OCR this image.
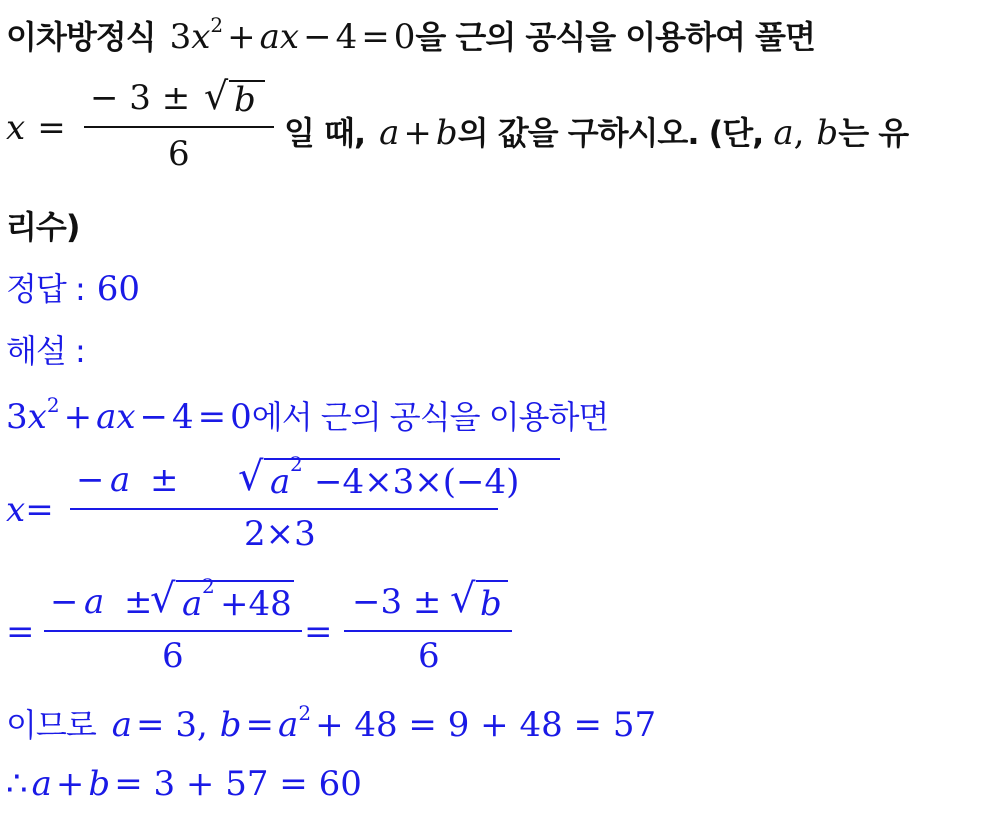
이차방정식 3x2 + ax − 4 = 0을 근의 공식을 이용하여 풀면
x =
− 3 ± √ b
6
일 때, a + b의 값을 구하시오. (단, a, b는 유
리수)
정답 : 60
해설 :
3x2 + ax − 4 = 0에서 근의 공식을 이용하면
x=
− a ± √ a 2 −4×3×(−4)
2×3
=
− a ±
√ a 2 +48
6
=
−3 ± √ b
6
이므로 a = 3, b = a2 + 48 = 9 + 48 = 57
∴ a + b = 3 + 57 = 60
